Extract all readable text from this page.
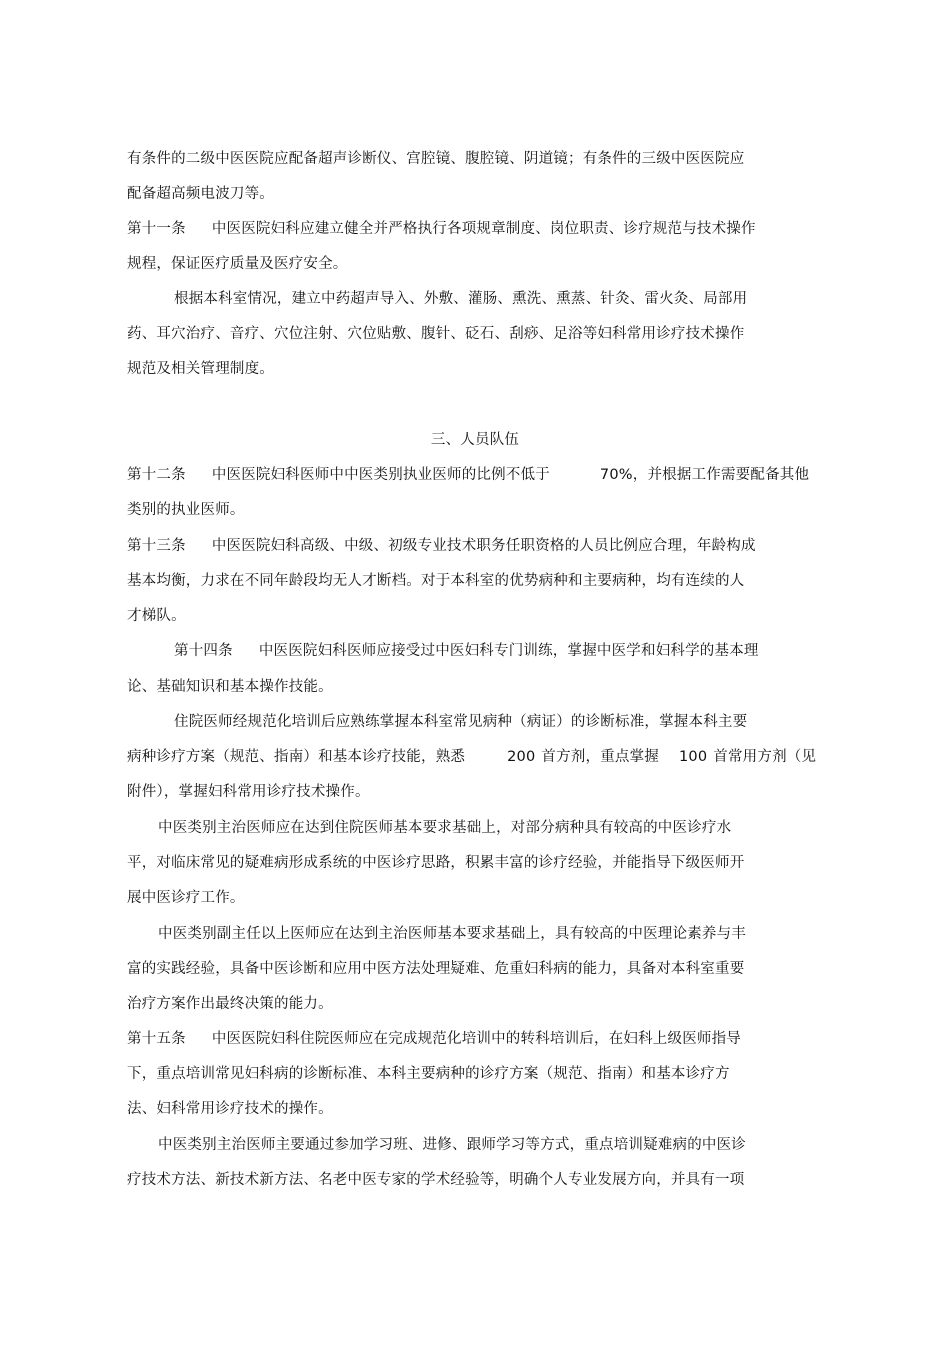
有条件的二级中医医院应配备超声诊断仪、宫腔镜、腹腔镜、阴道镜；有条件的三级中医医院应
配备超高频电波刀等。
第十一条 中医医院妇科应建立健全并严格执行各项规章制度、岗位职责、诊疗规范与技术操作
规程，保证医疗质量及医疗安全。
根据本科室情况，建立中药超声导入、外敷、灌肠、熏洗、熏蒸、针灸、雷火灸、局部用
药、耳穴治疗、音疗、穴位注射、穴位贴敷、腹针、砭石、刮痧、足浴等妇科常用诊疗技术操作
规范及相关管理制度。
三、人员队伍
第十二条 中医医院妇科医师中中医类别执业医师的比例不低于	70%，并根据工作需要配备其他
类别的执业医师。
第十三条 中医医院妇科高级、中级、初级专业技术职务任职资格的人员比例应合理，年龄构成
基本均衡，力求在不同年龄段均无人才断档。对于本科室的优势病种和主要病种，均有连续的人
才梯队。
第十四条 中医医院妇科医师应接受过中医妇科专门训练，掌握中医学和妇科学的基本理
论、基础知识和基本操作技能。
住院医师经规范化培训后应熟练掌握本科室常见病种（病证）的诊断标准，掌握本科主要
病种诊疗方案（规范、指南）和基本诊疗技能，熟悉	200 首方剂，重点掌握 100 首常用方剂（见
附件），掌握妇科常用诊疗技术操作。
中医类别主治医师应在达到住院医师基本要求基础上，对部分病种具有较高的中医诊疗水
平，对临床常见的疑难病形成系统的中医诊疗思路，积累丰富的诊疗经验，并能指导下级医师开
展中医诊疗工作。
中医类别副主任以上医师应在达到主治医师基本要求基础上，具有较高的中医理论素养与丰
富的实践经验，具备中医诊断和应用中医方法处理疑难、危重妇科病的能力，具备对本科室重要
治疗方案作出最终决策的能力。
第十五条 中医医院妇科住院医师应在完成规范化培训中的转科培训后，在妇科上级医师指导
下，重点培训常见妇科病的诊断标准、本科主要病种的诊疗方案（规范、指南）和基本诊疗方
法、妇科常用诊疗技术的操作。
中医类别主治医师主要通过参加学习班、进修、跟师学习等方式，重点培训疑难病的中医诊
疗技术方法、新技术新方法、名老中医专家的学术经验等，明确个人专业发展方向，并具有一项
